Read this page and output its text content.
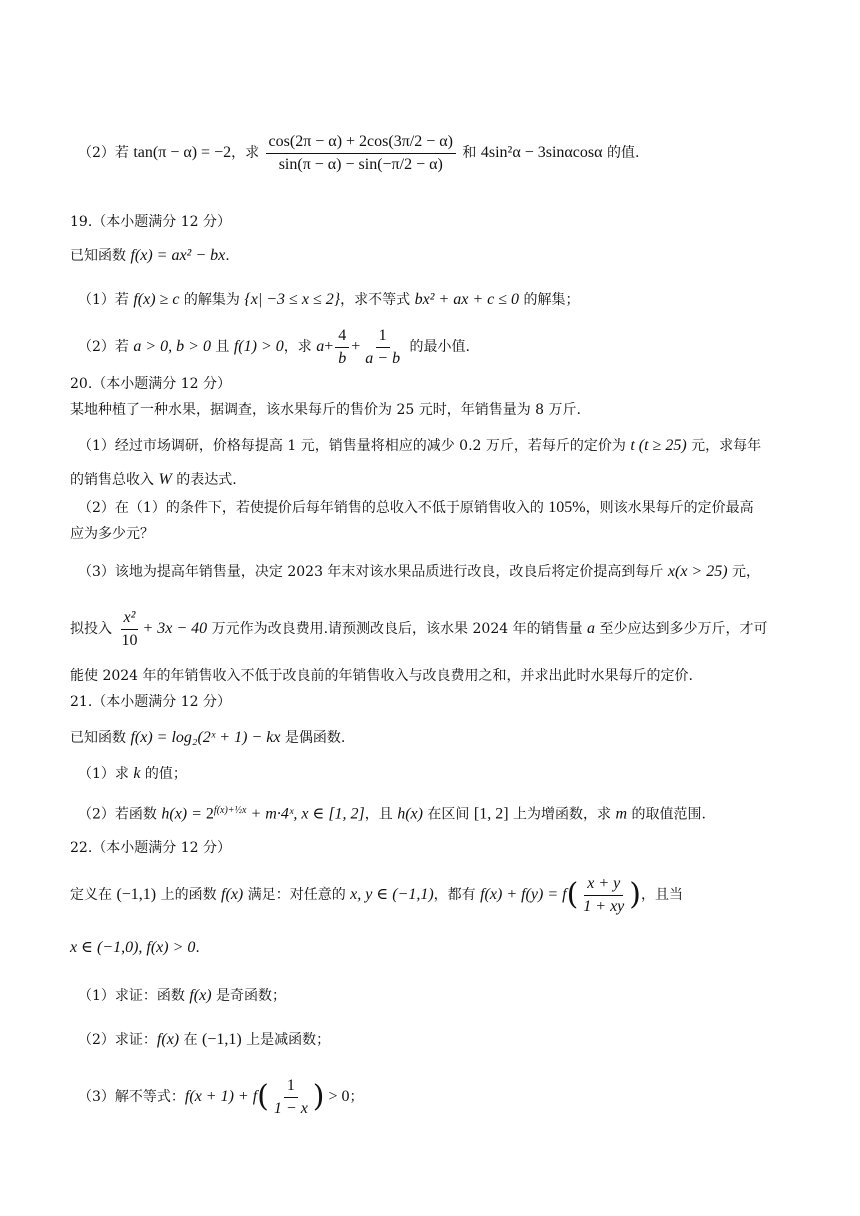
（2）若 tan(π − α) = −2，求 $\frac{\cos(2\pi - \alpha) + 2\cos(3\pi/2 - \alpha)}{\sin(\pi - \alpha) - \sin(-\pi/2 - \alpha)}$ 和 4sin²α − 3sinαcosα 的值.
19.（本小题满分 12 分）
已知函数 f(x) = ax² − bx.
（1）若 f(x) ≥ c 的解集为 {x| −3 ≤ x ≤ 2}，求不等式 bx² + ax + c ≤ 0 的解集；
（2）若 a > 0, b > 0 且 f(1) > 0，求 $a+ \frac{4}{b} + \frac{1}{a - b}$ 的最小值.
20.（本小题满分 12 分）
某地种植了一种水果，据调查，该水果每斤的售价为 25 元时，年销售量为 8 万斤.
（1）经过市场调研，价格每提高 1 元，销售量将相应的减少 0.2 万斤，若每斤的定价为 t (t ≥ 25) 元，求每年
的销售总收入 W 的表达式.
（2）在（1）的条件下，若使提价后每年销售的总收入不低于原销售收入的 105%，则该水果每斤的定价最高
应为多少元？
（3）该地为提高年销售量，决定 2023 年末对该水果品质进行改良，改良后将定价提高到每斤 x(x > 25) 元，
拟投入 $\frac{\text{x²}}{10} + 3x - 40$ 万元作为改良费用.请预测改良后，该水果 2024 年的销售量 a 至少应达到多少万斤，才可
能使 2024 年的年销售收入不低于改良前的年销售收入与改良费用之和，并求出此时水果每斤的定价.
21.（本小题满分 12 分）
已知函数 f(x) = log₂(2ˣ + 1) − kx 是偶函数.
（1）求 k 的值；
（2）若函数 $h(x) = 2^{f(x)+\frac{1}{2}x}$ + m·4ˣ, x ∈ [1, 2]，且 h(x) 在区间 [1, 2] 上为增函数，求 m 的取值范围.
22.（本小题满分 12 分）
定义在 (−1,1) 上的函数 f(x) 满足：对任意的 x, y ∈ (−1,1)，都有 $f(x) + f(y) = f( \frac{x + y}{1 + xy}$ )，且当
x ∈ (−1,0), f(x) > 0.
（1）求证：函数 f(x) 是奇函数；
（2）求证：f(x) 在 (−1,1) 上是减函数；
（3）解不等式：$f(x + 1) + f( \frac{1}{1 - x}$ ) > 0；
